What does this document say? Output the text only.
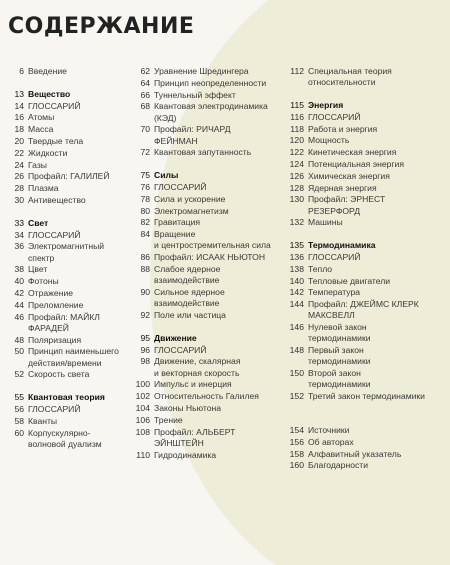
СОДЕРЖАНИЕ
6 Введение
13 Вещество
14 ГЛОССАРИЙ
16 Атомы
18 Масса
20 Твердые тела
22 Жидкости
24 Газы
26 Профайл: ГАЛИЛЕЙ
28 Плазма
30 Антивещество
33 Свет
34 ГЛОССАРИЙ
36 Электромагнитный
спектр
38 Цвет
40 Фотоны
42 Отражение
44 Преломление
46 Профайл: МАЙКЛ
ФАРАДЕЙ
48 Поляризация
50 Принцип наименьшего
действия/времени
52 Скорость света
55 Квантовая теория
56 ГЛОССАРИЙ
58 Кванты
60 Корпускулярно-
волновой дуализм
62 Уравнение Шредингера
64 Принцип неопределенности
66 Туннельный эффект
68 Квантовая электродинамика
(КЭД)
70 Профайл: РИЧАРД
ФЕЙНМАН
72 Квантовая запутанность
75 Силы
76 ГЛОССАРИЙ
78 Сила и ускорение
80 Электромагнетизм
82 Гравитация
84 Вращение
и центростремительная сила
86 Профайл: ИСААК НЬЮТОН
88 Слабое ядерное
взаимодействие
90 Сильное ядерное
взаимодействие
92 Поле или частица
95 Движение
96 ГЛОССАРИЙ
98 Движение, скалярная
и векторная скорость
100 Импульс и инерция
102 Относительность Галилея
104 Законы Ньютона
106 Трение
108 Профайл: АЛЬБЕРТ
ЭЙНШТЕЙН
110 Гидродинамика
112 Специальная теория
относительности
115 Энергия
116 ГЛОССАРИЙ
118 Работа и энергия
120 Мощность
122 Кинетическая энергия
124 Потенциальная энергия
126 Химическая энергия
128 Ядерная энергия
130 Профайл: ЭРНЕСТ
РЕЗЕРФОРД
132 Машины
135 Термодинамика
136 ГЛОССАРИЙ
138 Тепло
140 Тепловые двигатели
142 Температура
144 Профайл: ДЖЕЙМС КЛЕРК
МАКСВЕЛЛ
146 Нулевой закон
термодинамики
148 Первый закон
термодинамики
150 Второй закон
термодинамики
152 Третий закон термодинамики
154 Источники
156 Об авторах
158 Алфавитный указатель
160 Благодарности
